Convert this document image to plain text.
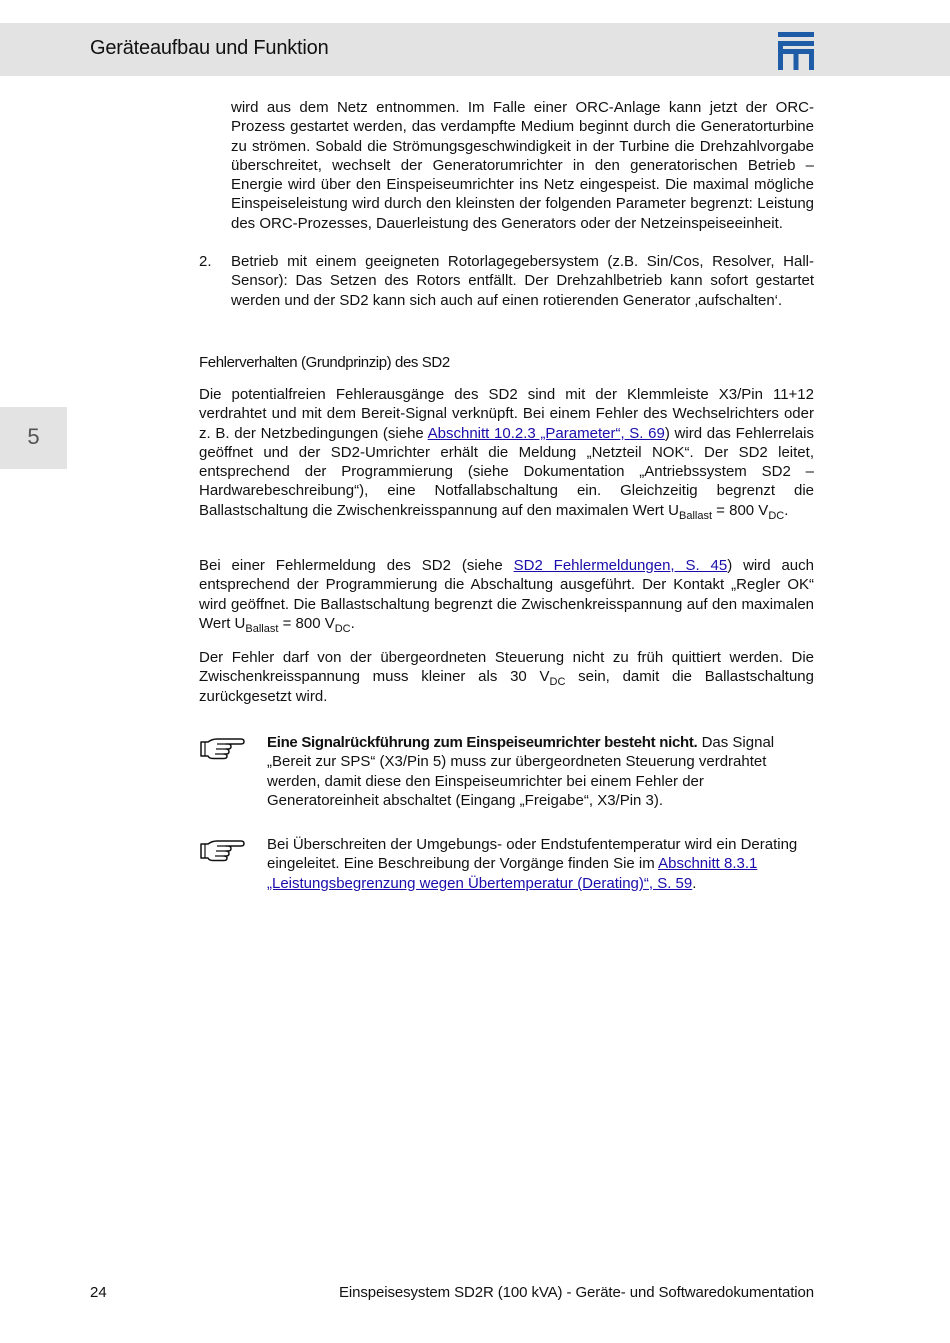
Geräteaufbau und Funktion
5

wird aus dem Netz entnommen. Im Falle einer ORC-Anlage kann jetzt der ORC-Prozess gestartet werden, das verdampfte Medium beginnt durch die Generatorturbine zu strömen. Sobald die Strömungsgeschwindigkeit in der Turbine die Drehzahlvorgabe überschreitet, wechselt der Generatorumrichter in den generatorischen Betrieb – Energie wird über den Einspeiseumrichter ins Netz eingespeist. Die maximal mögliche Einspeiseleistung wird durch den kleinsten der folgenden Parameter begrenzt: Leistung des ORC-Prozesses, Dauerleistung des Generators oder der Netzeinspeiseeinheit.

2. Betrieb mit einem geeigneten Rotorlagegebersystem (z.B. Sin/Cos, Resolver, Hall-Sensor): Das Setzen des Rotors entfällt. Der Drehzahlbetrieb kann sofort gestartet werden und der SD2 kann sich auch auf einen rotierenden Generator ‚aufschalten‘.

Fehlerverhalten (Grundprinzip) des SD2

Die potentialfreien Fehlerausgänge des SD2 sind mit der Klemmleiste X3/Pin 11+12 verdrahtet und mit dem Bereit-Signal verknüpft. Bei einem Fehler des Wechselrichters oder z. B. der Netzbedingungen (siehe Abschnitt 10.2.3 „Parameter“, S. 69) wird das Fehlerrelais geöffnet und der SD2-Umrichter erhält die Meldung „Netzteil NOK“. Der SD2 leitet, entsprechend der Programmierung (siehe Dokumentation „Antriebssystem SD2 – Hardwarebeschreibung“), eine Notfallabschaltung ein. Gleichzeitig begrenzt die Ballastschaltung die Zwischenkreisspannung auf den maximalen Wert $U_{Ballast} = 800$ $V_{DC}$.

Bei einer Fehlermeldung des SD2 (siehe SD2 Fehlermeldungen, S. 45) wird auch entsprechend der Programmierung die Abschaltung ausgeführt. Der Kontakt „Regler OK“ wird geöffnet. Die Ballastschaltung begrenzt die Zwischenkreisspannung auf den maximalen Wert $U_{Ballast} = 800$ $V_{DC}$.

Der Fehler darf von der übergeordneten Steuerung nicht zu früh quittiert werden. Die Zwischenkreisspannung muss kleiner als 30 $V_{DC}$ sein, damit die Ballastschaltung zurückgesetzt wird.

Eine Signalrückführung zum Einspeiseumrichter besteht nicht. Das Signal „Bereit zur SPS“ (X3/Pin 5) muss zur übergeordneten Steuerung verdrahtet werden, damit diese den Einspeiseumrichter bei einem Fehler der Generatoreinheit abschaltet (Eingang „Freigabe“, X3/Pin 3).

Bei Überschreiten der Umgebungs- oder Endstufentemperatur wird ein Derating eingeleitet. Eine Beschreibung der Vorgänge finden Sie im Abschnitt 8.3.1 „Leistungsbegrenzung wegen Übertemperatur (Derating)“, S. 59.

24	Einspeisesystem SD2R (100 kVA) - Geräte- und Softwaredokumentation
